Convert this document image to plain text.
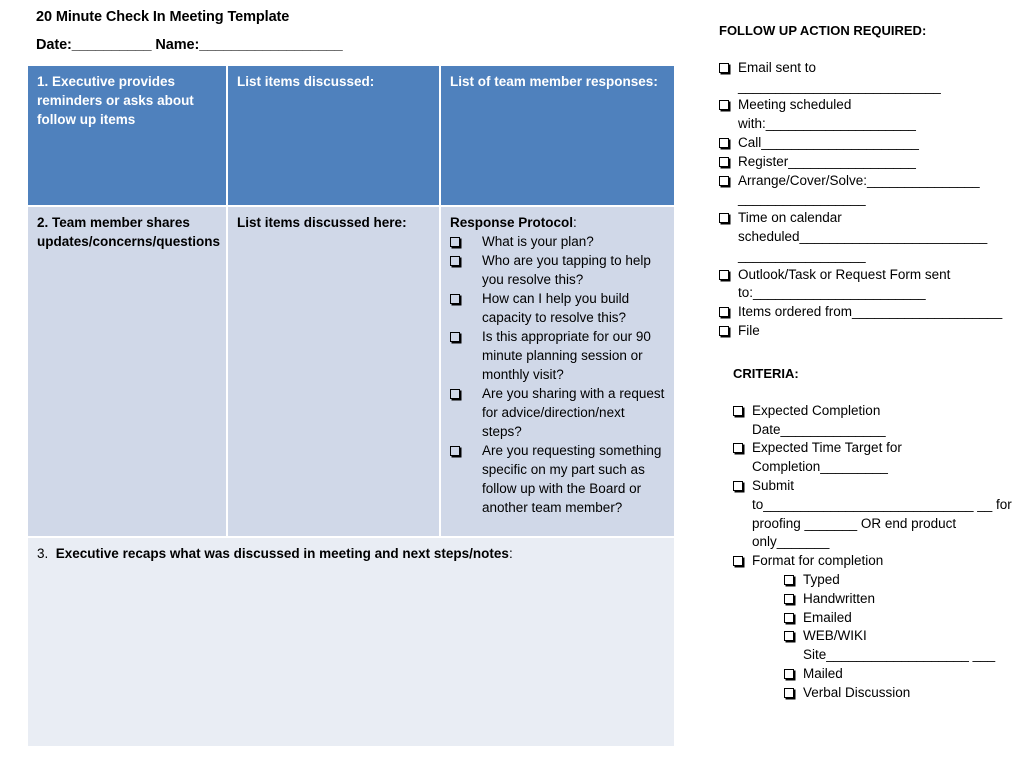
20 Minute Check In Meeting Template
Date:__________ Name:__________________
1. Executive provides reminders or asks about follow up items	List items discussed:	List of team member responses:
2. Team member shares updates/concerns/questions	List items discussed here:	Response Protocol:
What is your plan?
Who are you tapping to help you resolve this?
How can I help you build capacity to resolve this?
Is this appropriate for our 90 minute planning session or monthly visit?
Are you sharing with a request for advice/direction/next steps?
Are you requesting something specific on my part such as follow up with the Board or another team member?

3. Executive recaps what was discussed in meeting and next steps/notes:		
FOLLOW UP ACTION REQUIRED:
Email sent to ___________________________
Meeting scheduled with:____________________
Call_____________________
Register_________________
Arrange/Cover/Solve:_______________ _________________
Time on calendar scheduled_________________________ _________________
Outlook/Task or Request Form sent to:_______________________
Items ordered from____________________
File
CRITERIA:
Expected Completion Date______________
Expected Time Target for Completion_________
Submit to____________________________ __ for proofing _______ OR end product only_______
Format for completion
Typed
Handwritten
Emailed
WEB/WIKI Site___________________ ___
Mailed
Verbal Discussion
